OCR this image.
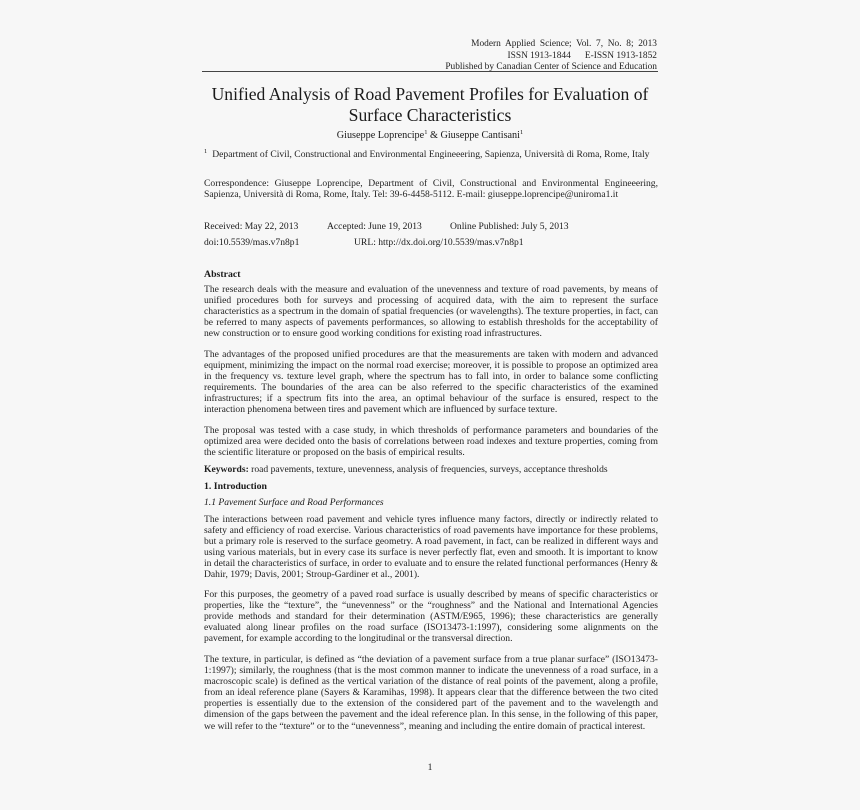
Modern  Applied  Science;  Vol.  7,  No.  8;  2013
ISSN 1913-1844      E-ISSN 1913-1852
Published by Canadian Center of Science and Education
Unified Analysis of Road Pavement Profiles for Evaluation of Surface Characteristics
Giuseppe Loprencipe$^1$ & Giuseppe Cantisani$^1$
$^1$ Department of Civil, Constructional and Environmental Engineeering, Sapienza, Università di Roma, Rome, Italy
Correspondence: Giuseppe Loprencipe, Department of Civil, Constructional and Environmental Engineeering, Sapienza, Università di Roma, Rome, Italy. Tel: 39-6-4458-5112. E-mail: giuseppe.loprencipe@uniroma1.it
Received: May 22, 2013	Accepted: June 19, 2013	Online Published: July 5, 2013
doi:10.5539/mas.v7n8p1	URL: http://dx.doi.org/10.5539/mas.v7n8p1
Abstract
The research deals with the measure and evaluation of the unevenness and texture of road pavements, by means of unified procedures both for surveys and processing of acquired data, with the aim to represent the surface characteristics as a spectrum in the domain of spatial frequencies (or wavelengths). The texture properties, in fact, can be referred to many aspects of pavements performances, so allowing to establish thresholds for the acceptability of new construction or to ensure good working conditions for existing road infrastructures.
The advantages of the proposed unified procedures are that the measurements are taken with modern and advanced equipment, minimizing the impact on the normal road exercise; moreover, it is possible to propose an optimized area in the frequency vs. texture level graph, where the spectrum has to fall into, in order to balance some conflicting requirements. The boundaries of the area can be also referred to the specific characteristics of the examined infrastructures; if a spectrum fits into the area, an optimal behaviour of the surface is ensured, respect to the interaction phenomena between tires and pavement which are influenced by surface texture.
The proposal was tested with a case study, in which thresholds of performance parameters and boundaries of the optimized area were decided onto the basis of correlations between road indexes and texture properties, coming from the scientific literature or proposed on the basis of empirical results.
Keywords: road pavements, texture, unevenness, analysis of frequencies, surveys, acceptance thresholds
1. Introduction
1.1 Pavement Surface and Road Performances
The interactions between road pavement and vehicle tyres influence many factors, directly or indirectly related to safety and efficiency of road exercise. Various characteristics of road pavements have importance for these problems, but a primary role is reserved to the surface geometry. A road pavement, in fact, can be realized in different ways and using various materials, but in every case its surface is never perfectly flat, even and smooth. It is important to know in detail the characteristics of surface, in order to evaluate and to ensure the related functional performances (Henry & Dahir, 1979; Davis, 2001; Stroup-Gardiner et al., 2001).
For this purposes, the geometry of a paved road surface is usually described by means of specific characteristics or properties, like the “texture”, the “unevenness” or the “roughness” and the National and International Agencies provide methods and standard for their determination (ASTM/E965, 1996); these characteristics are generally evaluated along linear profiles on the road surface (ISO13473-1:1997), considering some alignments on the pavement, for example according to the longitudinal or the transversal direction.
The texture, in particular, is defined as “the deviation of a pavement surface from a true planar surface” (ISO13473-1:1997); similarly, the roughness (that is the most common manner to indicate the unevenness of a road surface, in a macroscopic scale) is defined as the vertical variation of the distance of real points of the pavement, along a profile, from an ideal reference plane (Sayers & Karamihas, 1998). It appears clear that the difference between the two cited properties is essentially due to the extension of the considered part of the pavement and to the wavelength and dimension of the gaps between the pavement and the ideal reference plan. In this sense, in the following of this paper, we will refer to the “texture” or to the “unevenness”, meaning and including the entire domain of practical interest.
1
